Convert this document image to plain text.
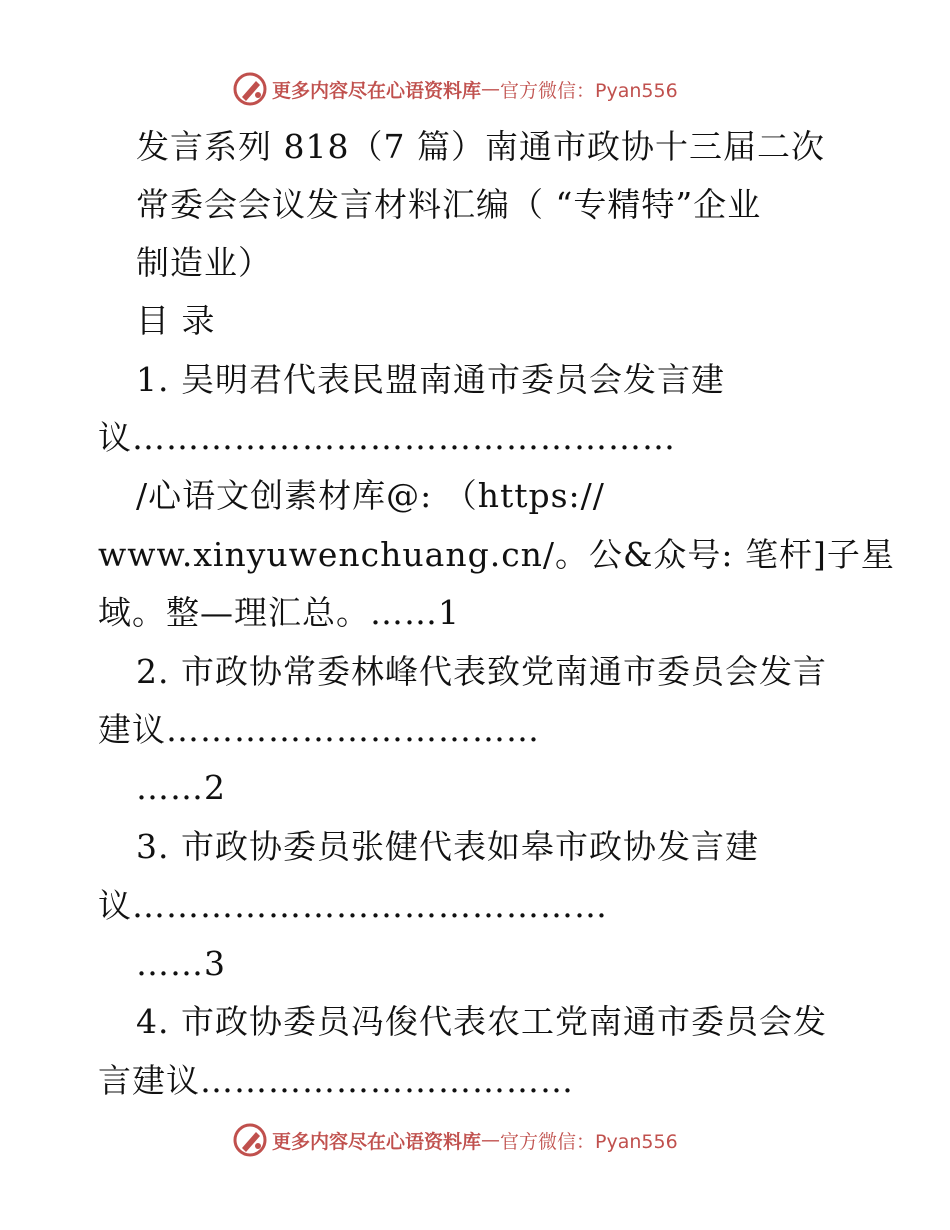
更多内容尽在心语资料库 — 官方微信：Pyan556
发言系列 818（7 篇）南通市政协十三届二次
常委会会议发言材料汇编（ “专精特”企业
制造业）
目 录
1. 吴明君代表民盟南通市委员会发言建
议…………………………………………
/心语文创素材库@: （https://
www.xinyuwenchuang.cn/。公&众号: 笔杆]子星
域。整—理汇总。……1
2. 市政协常委林峰代表致党南通市委员会发言
建议……………………………
……2
3. 市政协委员张健代表如皋市政协发言建
议……………………………………
……3
4. 市政协委员冯俊代表农工党南通市委员会发
言建议……………………………
更多内容尽在心语资料库 — 官方微信：Pyan556
